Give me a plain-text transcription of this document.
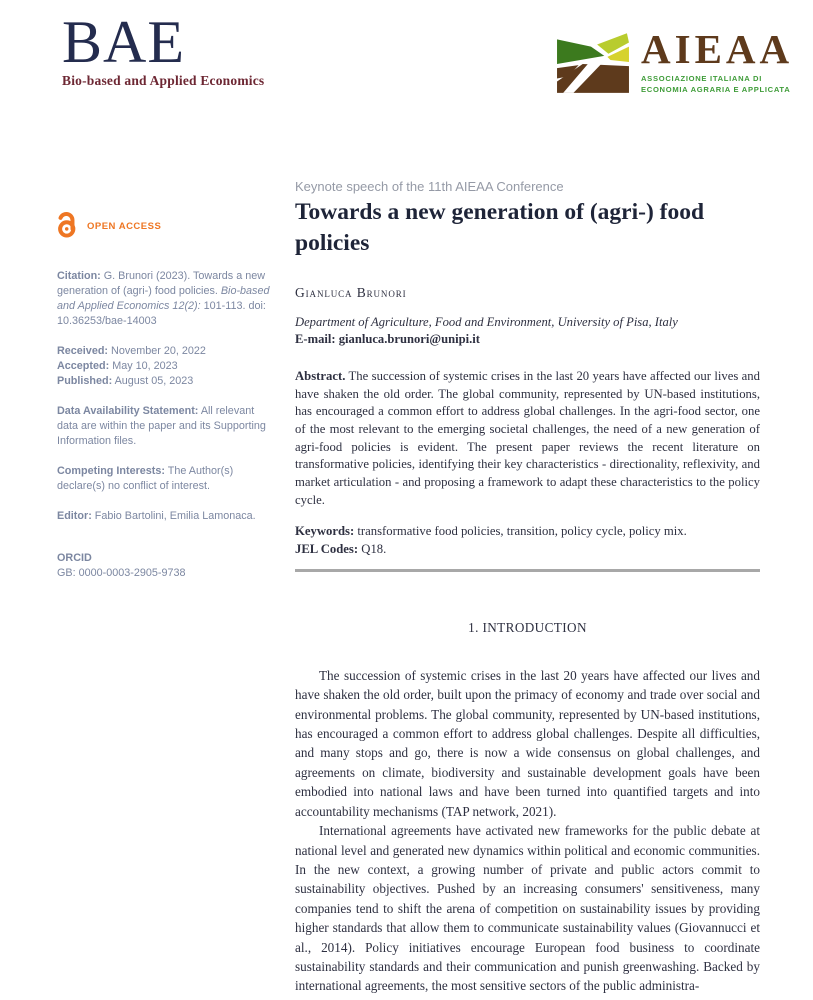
BAE
Bio-based and Applied Economics
AIEAA
ASSOCIAZIONE ITALIANA DI
ECONOMIA AGRARIA E APPLICATA
OPEN ACCESS
Citation: G. Brunori (2023). Towards a new generation of (agri-) food policies. Bio-based and Applied Economics 12(2): 101-113. doi: 10.36253/bae-14003
Received: November 20, 2022
Accepted: May 10, 2023
Published: August 05, 2023
Data Availability Statement: All relevant data are within the paper and its Supporting Information files.
Competing Interests: The Author(s) declare(s) no conflict of interest.
Editor: Fabio Bartolini, Emilia Lamonaca.
ORCID
GB: 0000-0003-2905-9738
Keynote speech of the 11th AIEAA Conference
Towards a new generation of (agri-) food policies
Gianluca Brunori
Department of Agriculture, Food and Environment, University of Pisa, Italy
E-mail: gianluca.brunori@unipi.it
Abstract. The succession of systemic crises in the last 20 years have affected our lives and have shaken the old order. The global community, represented by UN-based institutions, has encouraged a common effort to address global challenges. In the agri-food sector, one of the most relevant to the emerging societal challenges, the need of a new generation of agri-food policies is evident. The present paper reviews the recent literature on transformative policies, identifying their key characteristics - directionality, reflexivity, and market articulation - and proposing a framework to adapt these characteristics to the policy cycle.
Keywords: transformative food policies, transition, policy cycle, policy mix.
JEL Codes: Q18.
1. INTRODUCTION

The succession of systemic crises in the last 20 years have affected our lives and have shaken the old order, built upon the primacy of economy and trade over social and environmental problems. The global community, represented by UN-based institutions, has encouraged a common effort to address global challenges. Despite all difficulties, and many stops and go, there is now a wide consensus on global challenges, and agreements on climate, biodiversity and sustainable development goals have been embodied into national laws and have been turned into quantified targets and into accountability mechanisms (TAP network, 2021).

International agreements have activated new frameworks for the public debate at national level and generated new dynamics within political and economic communities. In the new context, a growing number of private and public actors commit to sustainability objectives. Pushed by an increasing consumers' sensitiveness, many companies tend to shift the arena of competition on sustainability issues by providing higher standards that allow them to communicate sustainability values (Giovannucci et al., 2014). Policy initiatives encourage European food business to coordinate sustainability standards and their communication and punish greenwashing. Backed by international agreements, the most sensitive sectors of the public administra-
